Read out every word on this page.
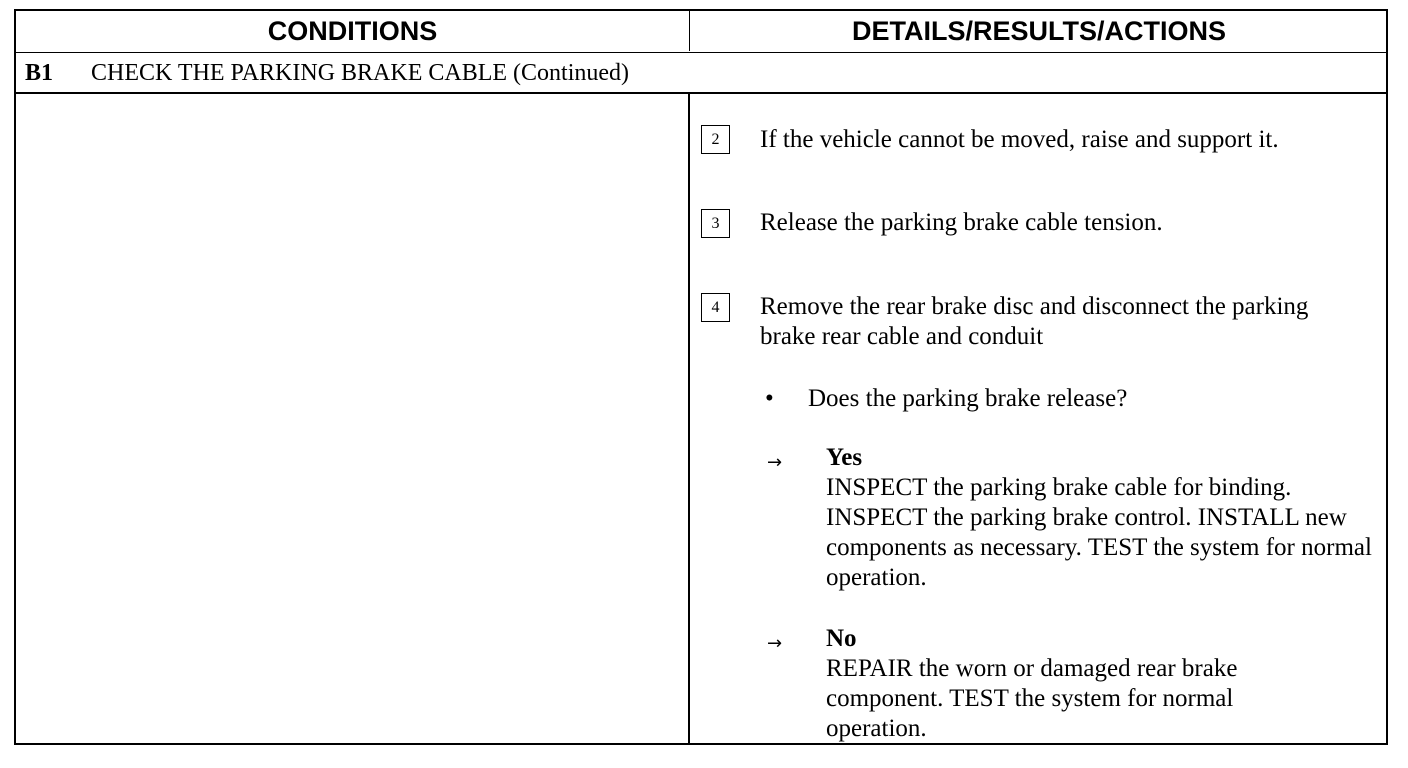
CONDITIONS	DETAILS/RESULTS/ACTIONS
B1 CHECK THE PARKING BRAKE CABLE (Continued)
2	If the vehicle cannot be moved, raise and support it.
3	Release the parking brake cable tension.
4	Remove the rear brake disc and disconnect the parking brake rear cable and conduit
• Does the parking brake release?
→ Yes
INSPECT the parking brake cable for binding. INSPECT the parking brake control. INSTALL new components as necessary. TEST the system for normal operation.
→ No
REPAIR the worn or damaged rear brake component. TEST the system for normal operation.
